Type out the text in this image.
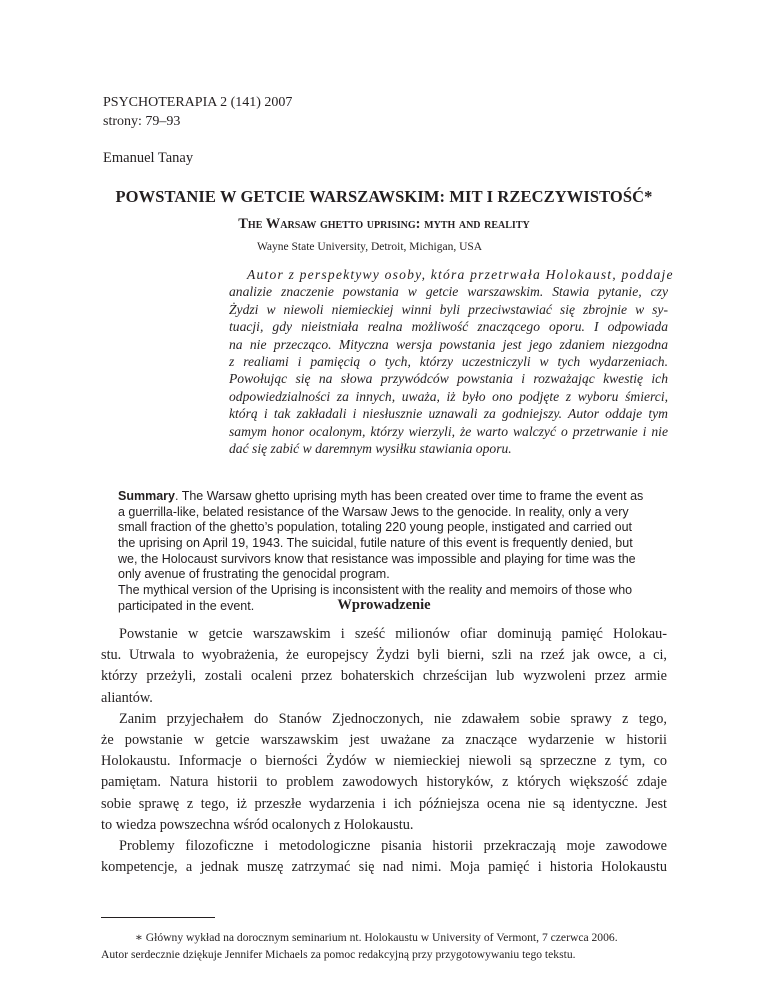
PSYCHOTERAPIA 2 (141) 2007
strony: 79–93
Emanuel Tanay
POWSTANIE W GETCIE WARSZAWSKIM: MIT I RZECZYWISTOŚĆ*
The Warsaw ghetto uprising: myth and reality
Wayne State University, Detroit, Michigan, USA
Autor z perspektywy osoby, która przetrwała Holokaust, poddaje
analizie znaczenie powstania w getcie warszawskim. Stawia pytanie, czy
Żydzi w niewoli niemieckiej winni byli przeciwstawiać się zbrojnie w sy-
tuacji, gdy nieistniała realna możliwość znaczącego oporu. I odpowiada
na nie przecząco. Mityczna wersja powstania jest jego zdaniem niezgodna
z realiami i pamięcią o tych, którzy uczestniczyli w tych wydarzeniach.
Powołując się na słowa przywódców powstania i rozważając kwestię ich
odpowiedzialności za innych, uważa, iż było ono podjęte z wyboru śmierci,
którą i tak zakładali i niesłusznie uznawali za godniejszy. Autor oddaje tym
samym honor ocalonym, którzy wierzyli, że warto walczyć o przetrwanie i nie
dać się zabić w daremnym wysiłku stawiania oporu.
Summary. The Warsaw ghetto uprising myth has been created over time to frame the event as
a guerrilla-like, belated resistance of the Warsaw Jews to the genocide. In reality, only a very
small fraction of the ghetto’s population, totaling 220 young people, instigated and carried out
the uprising on April 19, 1943. The suicidal, futile nature of this event is frequently denied, but
we, the Holocaust survivors know that resistance was impossible and playing for time was the
only avenue of frustrating the genocidal program.
The mythical version of the Uprising is inconsistent with the reality and memoirs of those who
participated in the event.	Wprowadzenie
Powstanie w getcie warszawskim i sześć milionów ofiar dominują pamięć Holokau-
stu. Utrwala to wyobrażenia, że europejscy Żydzi byli bierni, szli na rzeź jak owce, a ci,
którzy przeżyli, zostali ocaleni przez bohaterskich chrześcijan lub wyzwoleni przez armie
aliantów.
Zanim przyjechałem do Stanów Zjednoczonych, nie zdawałem sobie sprawy z tego,
że powstanie w getcie warszawskim jest uważane za znaczące wydarzenie w historii
Holokaustu. Informacje o bierności Żydów w niemieckiej niewoli są sprzeczne z tym, co
pamiętam. Natura historii to problem zawodowych historyków, z których większość zdaje
sobie sprawę z tego, iż przeszłe wydarzenia i ich późniejsza ocena nie są identyczne. Jest
to wiedza powszechna wśród ocalonych z Holokaustu.
Problemy filozoficzne i metodologiczne pisania historii przekraczają moje zawodowe
kompetencje, a jednak muszę zatrzymać się nad nimi. Moja pamięć i historia Holokaustu
∗ Główny wykład na dorocznym seminarium nt. Holokaustu w University of Vermont, 7 czerwca 2006.
Autor serdecznie dziękuje Jennifer Michaels za pomoc redakcyjną przy przygotowywaniu tego tekstu.
